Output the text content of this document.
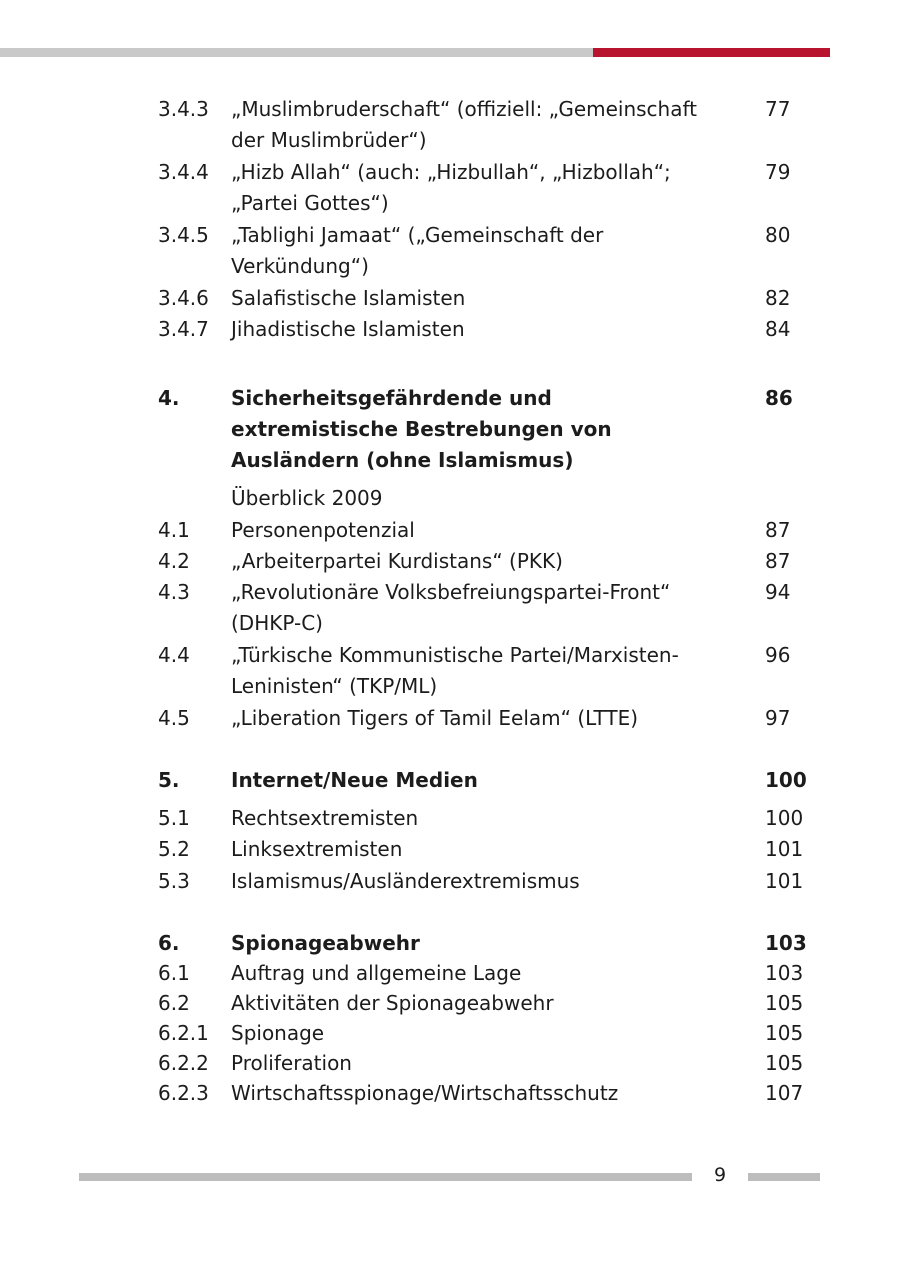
3.4.3	„Muslimbruderschaft“ (offiziell: „Gemeinschaft der Muslimbrüder“)
77
3.4.4	„Hizb Allah“ (auch: „Hizbullah“, „Hizbollah“; „Partei Gottes“)
79
3.4.5	„Tablighi Jamaat“ („Gemeinschaft der Verkündung“)
80
3.4.6	Salafistische Islamisten	82
3.4.7	Jihadistische Islamisten	84
4.	Sicherheitsgefährdende und extremistische Bestrebungen von Ausländern (ohne Islamismus)
86
Überblick 2009
4.1	Personenpotenzial	87
4.2	„Arbeiterpartei Kurdistans“ (PKK)	87
4.3	„Revolutionäre Volksbefreiungspartei-Front“ (DHKP-C)
94
4.4	„Türkische Kommunistische Partei/Marxisten-Leninisten“ (TKP/ML)
96
4.5	„Liberation Tigers of Tamil Eelam“ (LTTE)	97
5.	Internet/Neue Medien	100
5.1	Rechtsextremisten	100
5.2	Linksextremisten	101
5.3	Islamismus/Ausländerextremismus	101
6.	Spionageabwehr	103
6.1	Auftrag und allgemeine Lage	103
6.2	Aktivitäten der Spionageabwehr	105
6.2.1	Spionage	105
6.2.2	Proliferation	105
6.2.3	Wirtschaftsspionage/Wirtschaftsschutz	107
9
